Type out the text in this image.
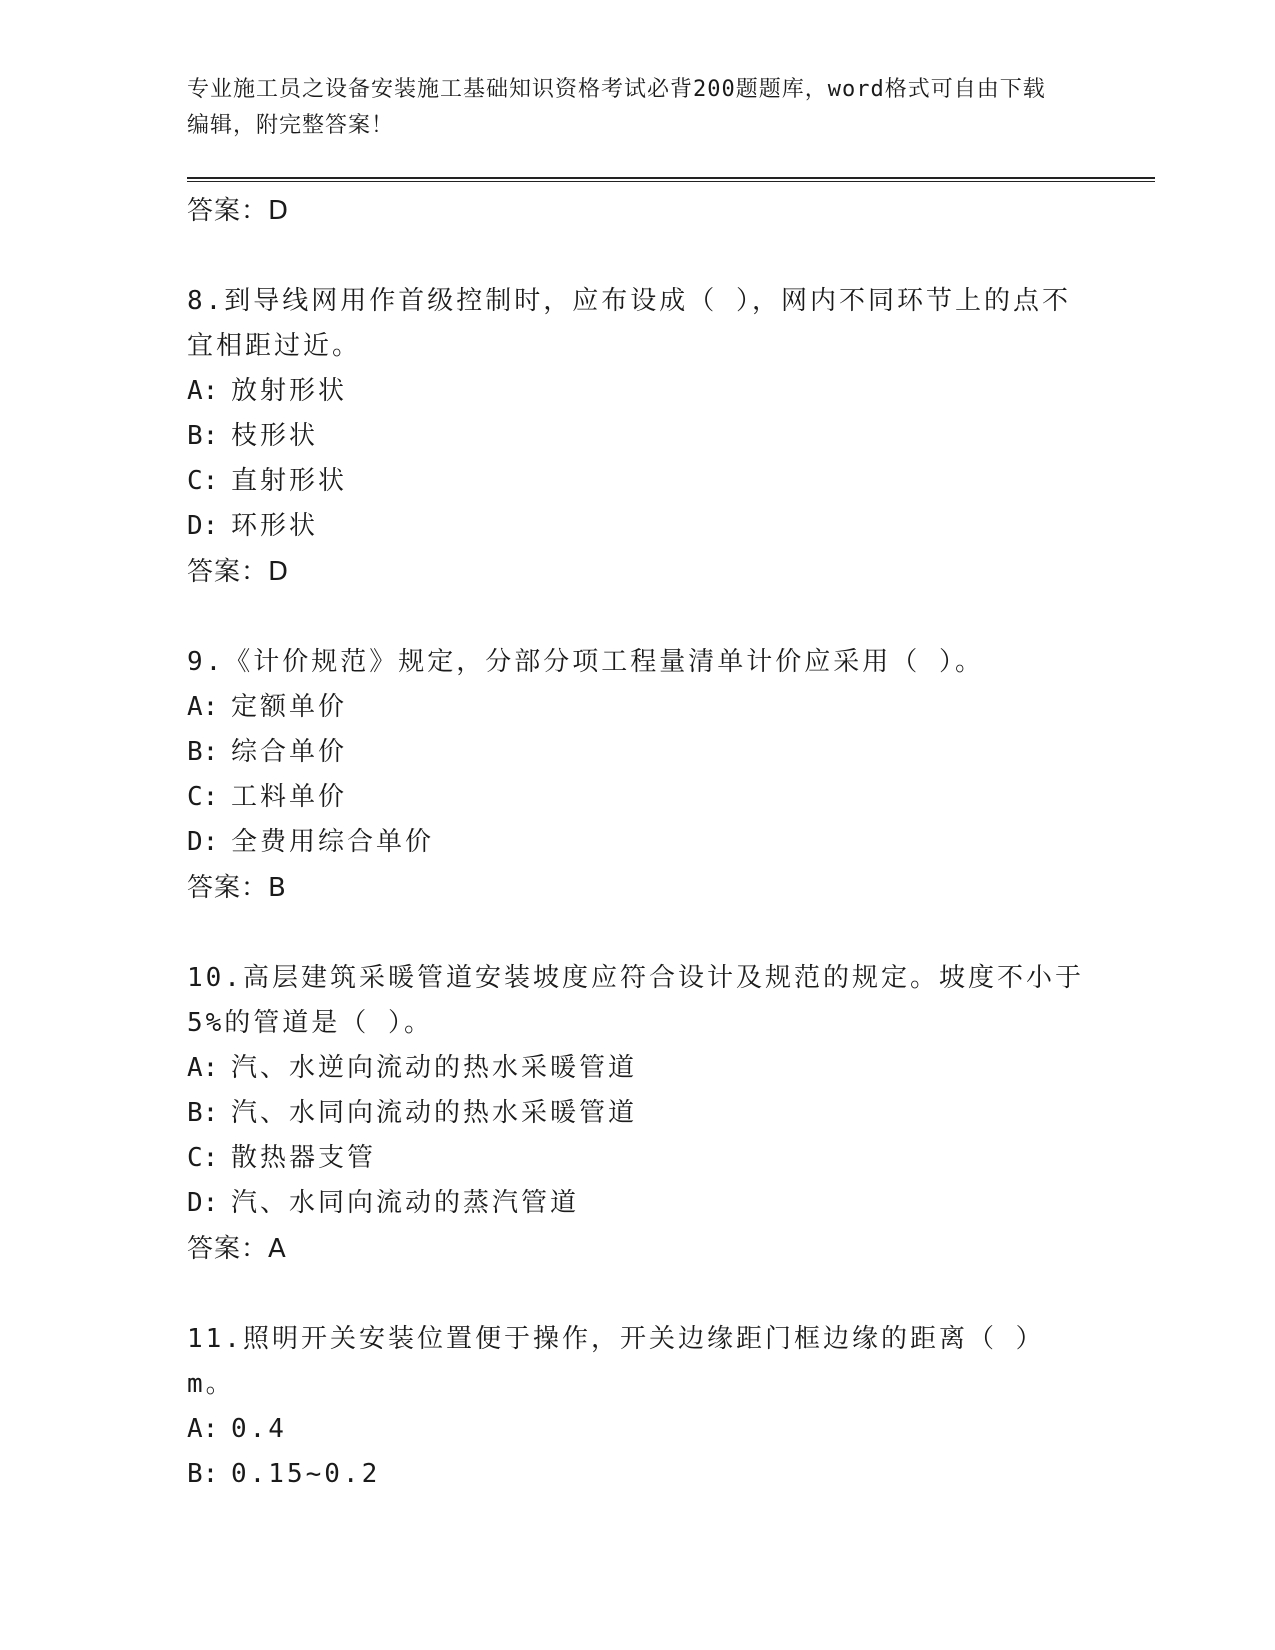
专业施工员之设备安装施工基础知识资格考试必背200题题库，word格式可自由下载编辑，附完整答案！
答案：D
8.到导线网用作首级控制时，应布设成（ ），网内不同环节上的点不宜相距过近。
A: 放射形状
B: 枝形状
C: 直射形状
D: 环形状
答案：D
9.《计价规范》规定，分部分项工程量清单计价应采用（ ）。
A: 定额单价
B: 综合单价
C: 工料单价
D: 全费用综合单价
答案：B
10.高层建筑采暖管道安装坡度应符合设计及规范的规定。坡度不小于5%的管道是（ ）。
A: 汽、水逆向流动的热水采暖管道
B: 汽、水同向流动的热水采暖管道
C: 散热器支管
D: 汽、水同向流动的蒸汽管道
答案：A
11.照明开关安装位置便于操作，开关边缘距门框边缘的距离（ ）m。
A: 0.4
B: 0.15~0.2
